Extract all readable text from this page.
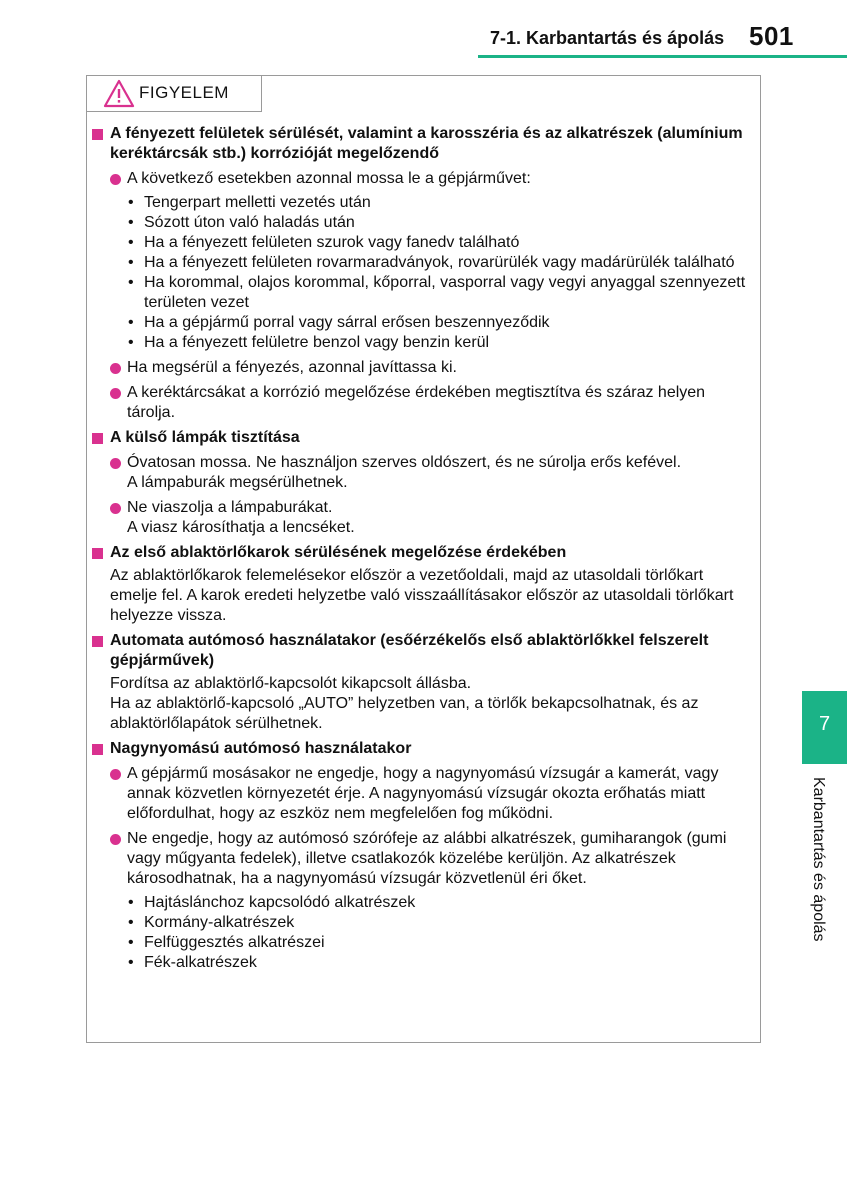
7-1. Karbantartás és ápolás 501
7
Karbantartás és ápolás
FIGYELEM
A fényezett felületek sérülését, valamint a karosszéria és az alkatrészek (alumínium keréktárcsák stb.) korrózióját megelőzendő
A következő esetekben azonnal mossa le a gépjárművet:
• Tengerpart melletti vezetés után
• Sózott úton való haladás után
• Ha a fényezett felületen szurok vagy fanedv található
• Ha a fényezett felületen rovarmaradványok, rovarürülék vagy madárürülék található
• Ha korommal, olajos korommal, kőporral, vasporral vagy vegyi anyaggal szennyezett területen vezet
• Ha a gépjármű porral vagy sárral erősen beszennyeződik
• Ha a fényezett felületre benzol vagy benzin kerül
Ha megsérül a fényezés, azonnal javíttassa ki.
A keréktárcsákat a korrózió megelőzése érdekében megtisztítva és száraz helyen tárolja.
A külső lámpák tisztítása
Óvatosan mossa. Ne használjon szerves oldószert, és ne súrolja erős kefével.
A lámpaburák megsérülhetnek.
Ne viaszolja a lámpaburákat.
A viasz károsíthatja a lencséket.
Az első ablaktörlőkarok sérülésének megelőzése érdekében
Az ablaktörlőkarok felemelésekor először a vezetőoldali, majd az utasoldali törlőkart emelje fel. A karok eredeti helyzetbe való visszaállításakor először az utasoldali törlőkart helyezze vissza.
Automata autómosó használatakor (esőérzékelős első ablaktörlőkkel felszerelt gépjárművek)
Fordítsa az ablaktörlő-kapcsolót kikapcsolt állásba.
Ha az ablaktörlő-kapcsoló „AUTO” helyzetben van, a törlők bekapcsolhatnak, és az ablaktörlőlapátok sérülhetnek.
Nagynyomású autómosó használatakor
A gépjármű mosásakor ne engedje, hogy a nagynyomású vízsugár a kamerát, vagy annak közvetlen környezetét érje. A nagynyomású vízsugár okozta erőhatás miatt előfordulhat, hogy az eszköz nem megfelelően fog működni.
Ne engedje, hogy az autómosó szórófeje az alábbi alkatrészek, gumiharangok (gumi vagy műgyanta fedelek), illetve csatlakozók közelébe kerüljön. Az alkatrészek károsodhatnak, ha a nagynyomású vízsugár közvetlenül éri őket.
• Hajtáslánchoz kapcsolódó alkatrészek
• Kormány-alkatrészek
• Felfüggesztés alkatrészei
• Fék-alkatrészek
